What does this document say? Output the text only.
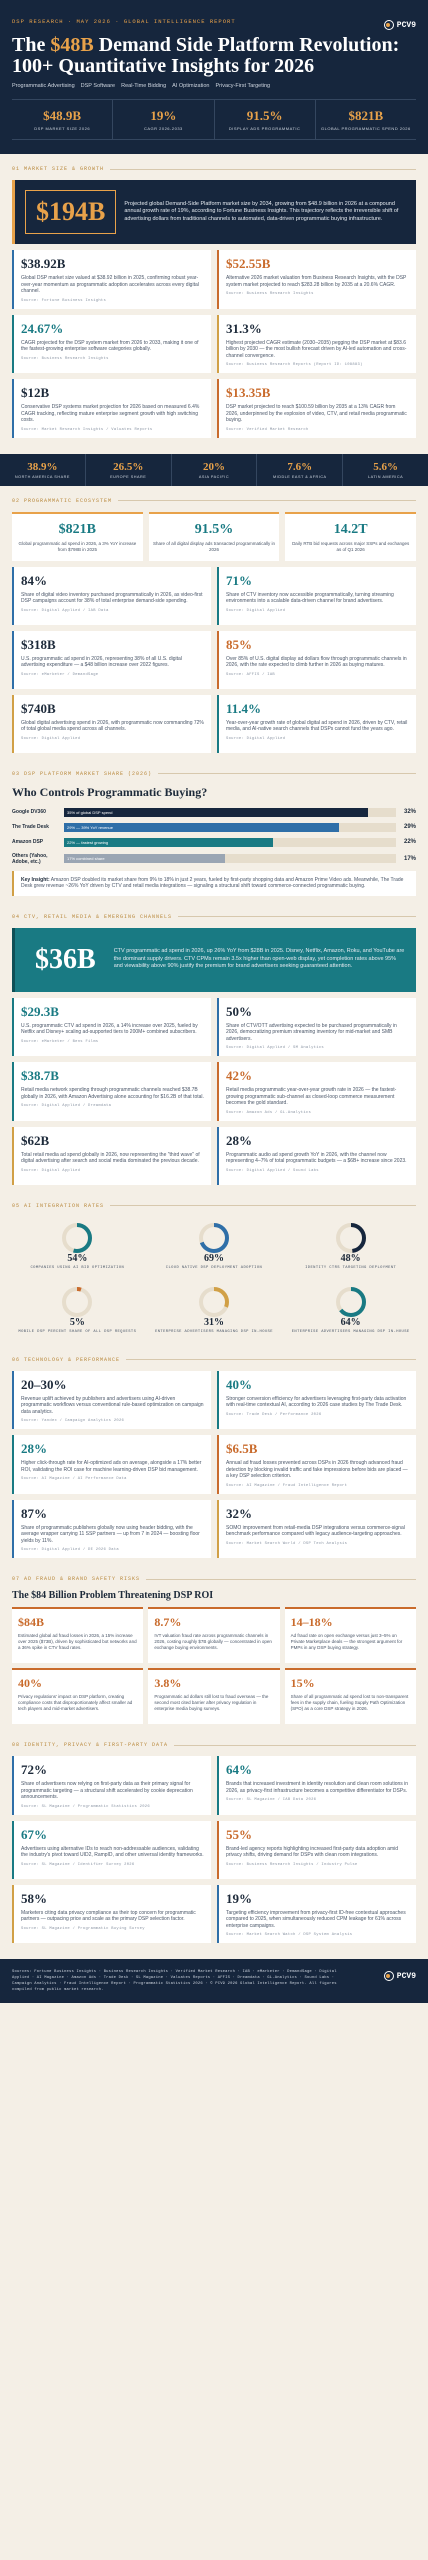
DSP RESEARCH · MAY 2026 · GLOBAL INTELLIGENCE REPORT	PCV9
The $48B Demand Side Platform Revolution: 100+ Quantitative Insights for 2026
Programmatic Advertising DSP Software Real-Time Bidding AI Optimization Privacy-First Targeting
$48.9B
DSP MARKET SIZE 2026
19%
CAGR 2026-2033
91.5%
DISPLAY ADS PROGRAMMATIC
$821B
GLOBAL PROGRAMMATIC SPEND 2026
01 MARKET SIZE & GROWTH
$194B	Projected global Demand-Side Platform market size by 2034, growing from $48.9 billion in 2026 at a compound annual growth rate of 19%, according to Fortune Business Insights. This trajectory reflects the irreversible shift of advertising dollars from traditional channels to automated, data-driven programmatic buying infrastructure.
$38.92B
Global DSP market size valued at $38.92 billion in 2025, confirming robust year-over-year momentum as programmatic adoption accelerates across every digital channel.
Source: Fortune Business Insights
$52.55B
Alternative 2026 market valuation from Business Research Insights, with the DSP system market projected to reach $283.28 billion by 2035 at a 20.6% CAGR.
Source: Business Research Insights
24.67%
CAGR projected for the DSP system market from 2026 to 2033, making it one of the fastest-growing enterprise software categories globally.
Source: Business Research Insights
31.3%
Highest projected CAGR estimate (2030–2035) pegging the DSP market at $83.6 billion by 2030 — the most bullish forecast driven by AI-led automation and cross-channel convergence.
Source: Business Research Reports (Report ID: 108883)
$12B
Conservative DSP systems market projection for 2026 based on measured 6.4% CAGR tracking, reflecting mature enterprise segment growth with high switching costs.
Source: Market Research Insights / Valuates Reports
$13.35B
DSP market projected to reach $100.59 billion by 2035 at a 13% CAGR from 2026, underpinned by the explosion of video, CTV, and retail media programmatic buying.
Source: Verified Market Research
38.9%
NORTH AMERICA SHARE
26.5%
EUROPE SHARE
20%
ASIA PACIFIC
7.6%
MIDDLE EAST & AFRICA
5.6%
LATIN AMERICA
02 PROGRAMMATIC ECOSYSTEM
$821B
Global programmatic ad spend in 2026, a 3% YoY increase from $798B in 2025
91.5%
Share of all digital display ads transacted programmatically in 2026
14.2T
Daily RTB bid requests across major SSPs and exchanges as of Q1 2026
84%
Share of digital video inventory purchased programmatically in 2026, as video-first DSP campaigns account for 38% of total enterprise demand-side spending.
Source: Digital Applied / IAB Data
71%
Share of CTV inventory now accessible programmatically, turning streaming environments into a scalable data-driven channel for brand advertisers.
Source: Digital Applied
$318B
U.S. programmatic ad spend in 2026, representing 38% of all U.S. digital advertising expenditure — a $48 billion increase over 2022 figures.
Source: eMarketer / DemandSage
85%
Over 85% of U.S. digital display ad dollars flow through programmatic channels in 2026, with the rate expected to climb further in 2026 as buying matures.
Source: AFFIS / IAB
$740B
Global digital advertising spend in 2026, with programmatic now commanding 72% of total global media spend across all channels.
Source: Digital Applied
11.4%
Year-over-year growth rate of global digital ad spend in 2026, driven by CTV, retail media, and AI-native search channels that DSPs cannot fund the years ago.
Source: Digital Applied
03 DSP PLATFORM MARKET SHARE (2026)
Who Controls Programmatic Buying?
Google DV360	35% of global DSP spend	32%
The Trade Desk	29% — 39% YoY revenue	29%
Amazon DSP	22% — fastest growing	22%
Others (Yahoo, Adobe, etc.)	17% combined share	17%
Key Insight: Amazon DSP doubled its market share from 9% to 18% in just 2 years, fueled by first-party shopping data and Amazon Prime Video ads. Meanwhile, The Trade Desk grew revenue ~26% YoY driven by CTV and retail media integrations — signaling a structural shift toward commerce-connected programmatic buying.
04 CTV, RETAIL MEDIA & EMERGING CHANNELS
$36B	CTV programmatic ad spend in 2026, up 26% YoY from $28B in 2025. Disney, Netflix, Amazon, Roku, and YouTube are the dominant supply drivers. CTV CPMs remain 3.5x higher than open-web display, yet completion rates above 95% and viewability above 90% justify the premium for brand advertisers seeking guaranteed attention.
$29.3B
U.S. programmatic CTV ad spend in 2026, a 14% increase over 2025, fueled by Netflix and Disney+ scaling ad-supported tiers to 200M+ combined subscribers.
Source: eMarketer / Bens Films
50%
Share of CTV/OTT advertising expected to be purchased programmatically in 2026, democratizing premium streaming inventory for mid-market and SMB advertisers.
Source: Digital Applied / SM Analytics
$38.7B
Retail media network spending through programmatic channels reached $38.7B globally in 2026, with Amazon Advertising alone accounting for $16.2B of that total.
Source: Digital Applied / Dreamdata
42%
Retail media programmatic year-over-year growth rate in 2026 — the fastest-growing programmatic sub-channel as closed-loop commerce measurement becomes the gold standard.
Source: Amazon Ads / GL.Analytics
$62B
Total retail media ad spend globally in 2026, now representing the "third wave" of digital advertising after search and social media dominated the previous decade.
Source: Digital Applied
28%
Programmatic audio ad spend growth YoY in 2026, with the channel now representing 4–7% of total programmatic budgets — a $6B+ increase since 2023.
Source: Digital Applied / Sound Labs
05 AI INTEGRATION RATES
54%
COMPANIES USING AI BID OPTIMIZATION
69%
CLOUD NATIVE DSP DEPLOYMENT ADOPTION
48%
IDENTITY CTRS TARGETING DEPLOYMENT
5%
MOBILE DSP PERCENT SHARE OF ALL DSP REQUESTS
31%
ENTERPRISE ADVERTISERS MANAGING DSP IN-HOUSE
64%
ENTERPRISE ADVERTISERS MANAGING DSP IN-HOUSE
06 TECHNOLOGY & PERFORMANCE
20–30%
Revenue uplift achieved by publishers and advertisers using AI-driven programmatic workflows versus conventional rule-based optimization on campaign data analytics.
Source: Yandex / Campaign Analytics 2026
40%
Stronger conversion efficiency for advertisers leveraging first-party data activation with real-time contextual AI, according to 2026 case studies by The Trade Desk.
Source: Trade Desk / Performance 2026
28%
Higher click-through rate for AI-optimized ads on average, alongside a 17% better ROI, validating the ROI case for machine learning-driven DSP bid management.
Source: AI Magazine / AI Performance Data
$6.5B
Annual ad fraud losses prevented across DSPs in 2026 through advanced fraud detection by blocking invalid traffic and fake impressions before bids are placed — a key DSP selection criterion.
Source: AI Magazine / Fraud Intelligence Report
87%
Share of programmatic publishers globally now using header bidding, with the average wrapper carrying 11 SSP partners — up from 7 in 2024 — boosting floor yields by 11%.
Source: Digital Applied / DE 2026 Data
32%
SOMO improvement from retail-media DSP integrations versus commerce-signal benchmark performance compared with legacy audience-targeting approaches.
Source: Market Search World / DSP Tech Analysis
07 AD FRAUD & BRAND SAFETY RISKS
The $84 Billion Problem Threatening DSP ROI
$84B
Estimated global ad fraud losses in 2026, a 15% increase over 2025 ($73B), driven by sophisticated bot networks and a 36% spike in CTV fraud rates.
8.7%
IVT valuation fraud rate across programmatic channels in 2026, costing roughly $7B globally — concentrated in open exchange buying environments.
14–18%
Ad fraud rate on open exchange versus just 3–5% on Private Marketplace deals — the strongest argument for PMPs in any DSP buying strategy.
40%
Privacy regulations' impact on DSP platform, creating compliance costs that disproportionately affect smaller ad tech players and mid-market advertisers.
3.8%
Programmatic ad dollars still lost to fraud overseas — the second most cited barrier after privacy regulation in enterprise media buying surveys.
15%
Share of all programmatic ad spend lost to non-transparent fees in the supply chain, fueling Supply Path Optimization (SPO) as a core DSP strategy in 2026.
08 IDENTITY, PRIVACY & FIRST-PARTY DATA
72%
Share of advertisers now relying on first-party data as their primary signal for programmatic targeting — a structural shift accelerated by cookie deprecation announcements.
Source: SL Magazine / Programmatic Statistics 2026
64%
Brands that increased investment in identity resolution and clean room solutions in 2026, as privacy-first infrastructure becomes a competitive differentiator for DSPs.
Source: SL Magazine / IAB Data 2026
67%
Advertisers using alternative IDs to reach non-addressable audiences, validating the industry's pivot toward UID2, RampID, and other universal identity frameworks.
Source: SL Magazine / Identifier Survey 2026
55%
Brand-led agency reports highlighting increased first-party data adoption amid privacy shifts, driving demand for DSPs with clean room integrations.
Source: Business Research Insights / Industry Pulse
58%
Marketers citing data privacy compliance as their top concern for programmatic partners — outpacing price and scale as the primary DSP selection factor.
Source: SL Magazine / Programmatic Buying Survey
19%
Targeting efficiency improvement from privacy-first ID-free contextual approaches compared to 2025, when simultaneously reduced CPM leakage for 61% across enterprise campaigns.
Source: Market Search Watch / DSP System Analysis
Sources: Fortune Business Insights · Business Research Insights · Verified Market Research · IAB · eMarketer · DemandSage · Digital Applied · AI Magazine · Amazon Ads · Trade Desk · SL Magazine · Valuates Reports · AFFIS · Dreamdata · GL.Analytics · Sound Labs · Campaign Analytics · Fraud Intelligence Report · Programmatic Statistics 2026 · © PCV9 2026 Global Intelligence Report. All figures compiled from public market research.
PCV9
